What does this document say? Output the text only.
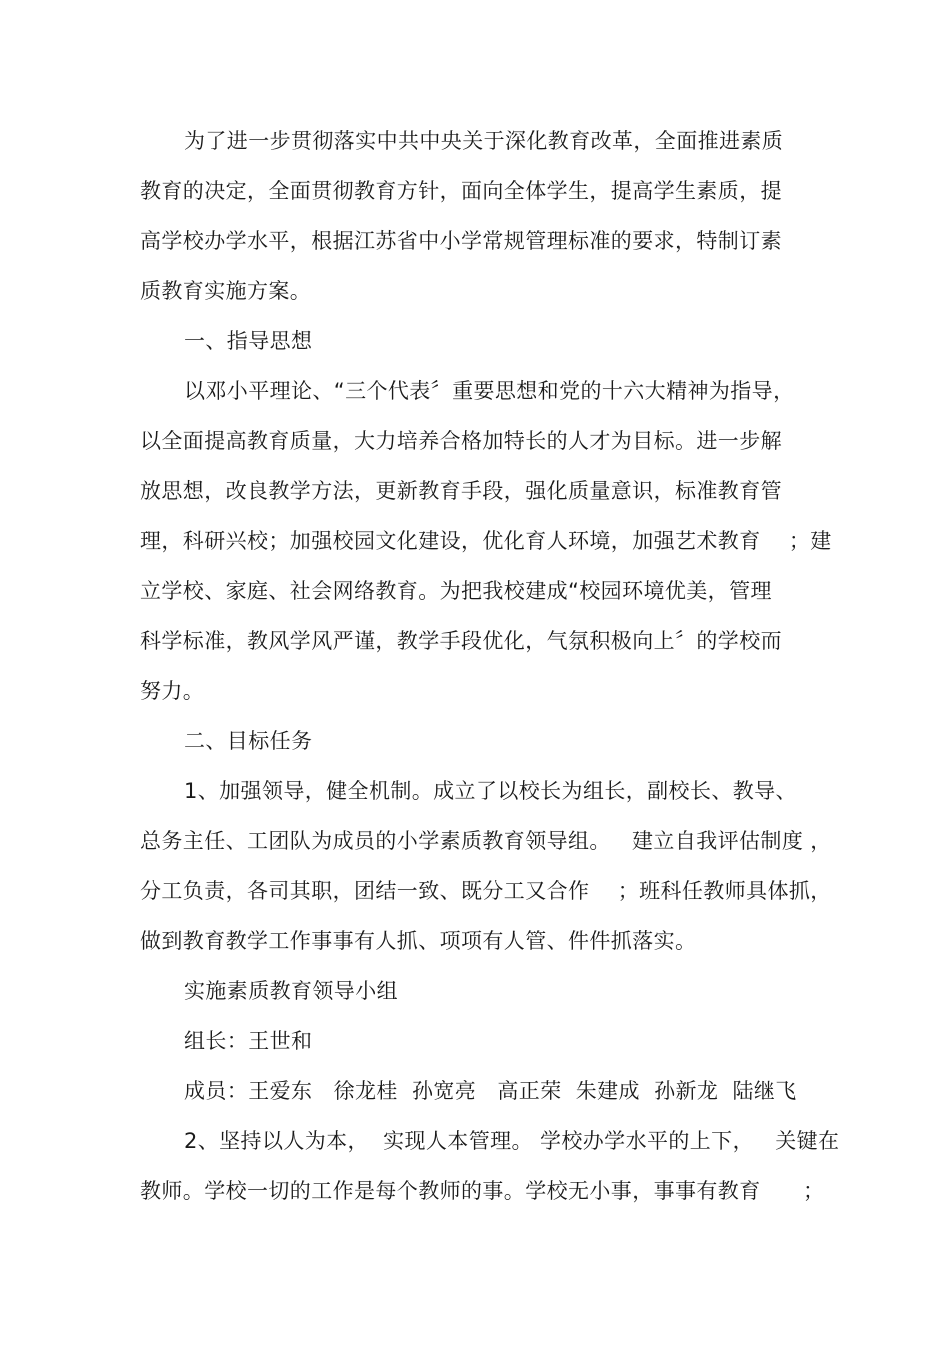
为了进一步贯彻落实中共中央关于深化教育改革，全面推进素质
教育的决定，全面贯彻教育方针，面向全体学生，提高学生素质，提
高学校办学水平，根据江苏省中小学常规管理标准的要求，特制订素
质教育实施方案。
一、指导思想
以邓小平理论、“三个代表〞重要思想和党的十六大精神为指导，
以全面提高教育质量，大力培养合格加特长的人才为目标。进一步解
放思想，改良教学方法，更新教育手段，强化质量意识，标准教育管
理，科研兴校；加强校园文化建设，优化育人环境，加强艺术教育    ；建
立学校、家庭、社会网络教育。为把我校建成“校园环境优美，管理
科学标准，教风学风严谨，教学手段优化，气氛积极向上〞的学校而
努力。
二、目标任务
1、加强领导，健全机制。成立了以校长为组长，副校长、教导、
总务主任、工团队为成员的小学素质教育领导组。   建立自我评估制度 ，
分工负责，各司其职，团结一致、既分工又合作    ；班科任教师具体抓，
做到教育教学工作事事有人抓、项项有人管、件件抓落实。
实施素质教育领导小组
组长：王世和
成员：王爱东   徐龙桂  孙宽亮   高正荣  朱建成  孙新龙  陆继飞
2、坚持以人为本，  实现人本管理。 学校办学水平的上下，   关键在
教师。学校一切的工作是每个教师的事。学校无小事，事事有教育      ；
